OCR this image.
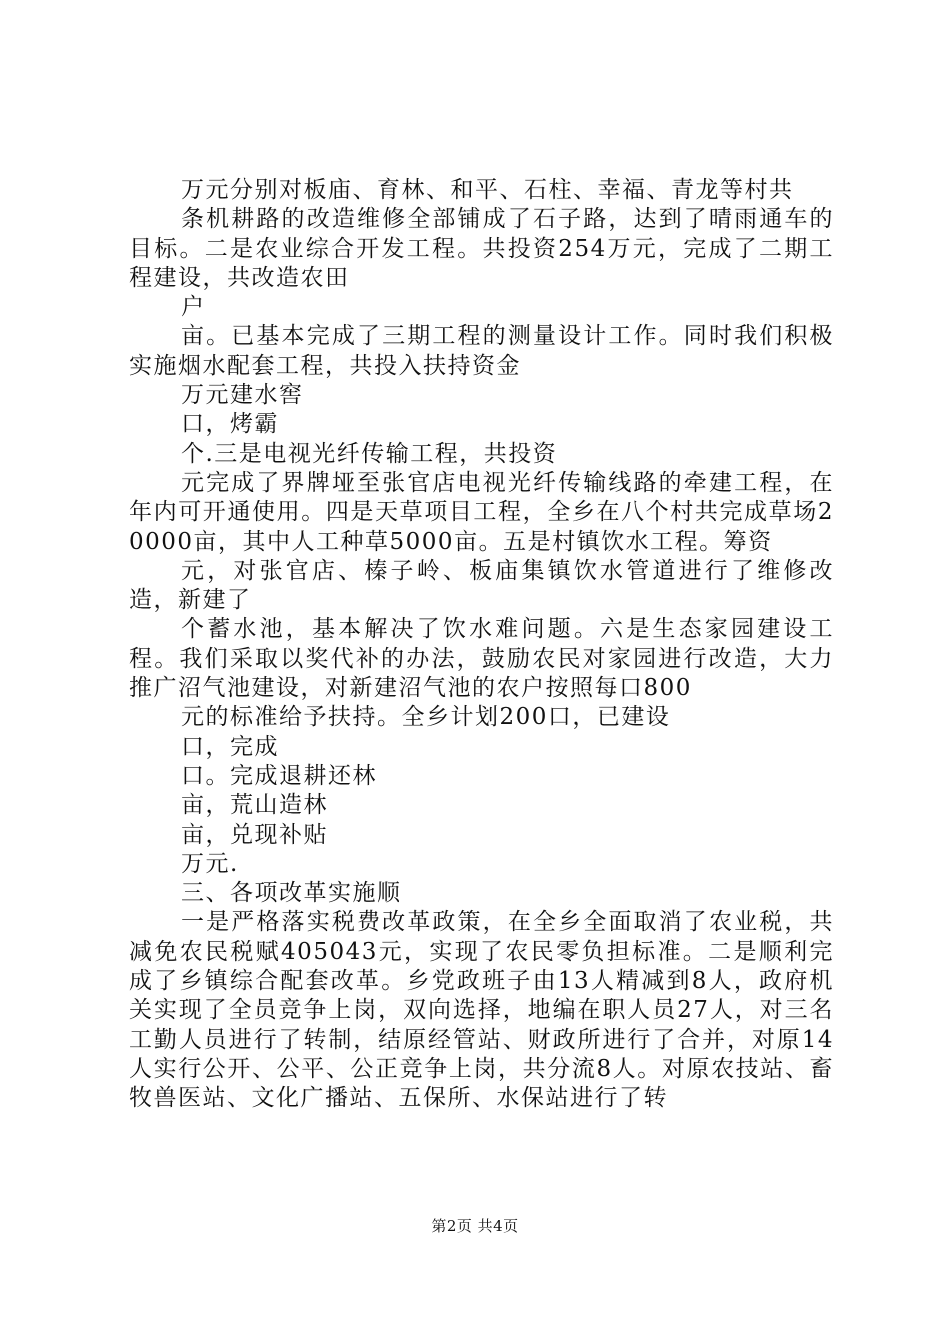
万元分别对板庙、育林、和平、石柱、幸福、青龙等村共

条机耕路的改造维修全部铺成了石子路，达到了晴雨通车的目标。二是农业综合开发工程。共投资254万元，完成了二期工程建设，共改造农田

户

亩。已基本完成了三期工程的测量设计工作。同时我们积极实施烟水配套工程，共投入扶持资金

万元建水窖

口，烤霸

个.三是电视光纤传输工程，共投资

元完成了界牌垭至张官店电视光纤传输线路的牵建工程，在年内可开通使用。四是天草项目工程，全乡在八个村共完成草场20000亩，其中人工种草5000亩。五是村镇饮水工程。筹资

元，对张官店、榛子岭、板庙集镇饮水管道进行了维修改造，新建了

个蓄水池，基本解决了饮水难问题。六是生态家园建设工程。我们采取以奖代补的办法，鼓励农民对家园进行改造，大力推广沼气池建设，对新建沼气池的农户按照每口800

元的标准给予扶持。全乡计划200口，已建设

口，完成

口。完成退耕还林

亩，荒山造林

亩，兑现补贴

万元.

三、各项改革实施顺

一是严格落实税费改革政策，在全乡全面取消了农业税，共减免农民税赋405043元，实现了农民零负担标准。二是顺利完成了乡镇综合配套改革。乡党政班子由13人精减到8人，政府机关实现了全员竞争上岗，双向选择，地编在职人员27人，对三名工勤人员进行了转制，结原经管站、财政所进行了合并，对原14人实行公开、公平、公正竞争上岗，共分流8人。对原农技站、畜牧兽医站、文化广播站、五保所、水保站进行了转

第2页 共4页
